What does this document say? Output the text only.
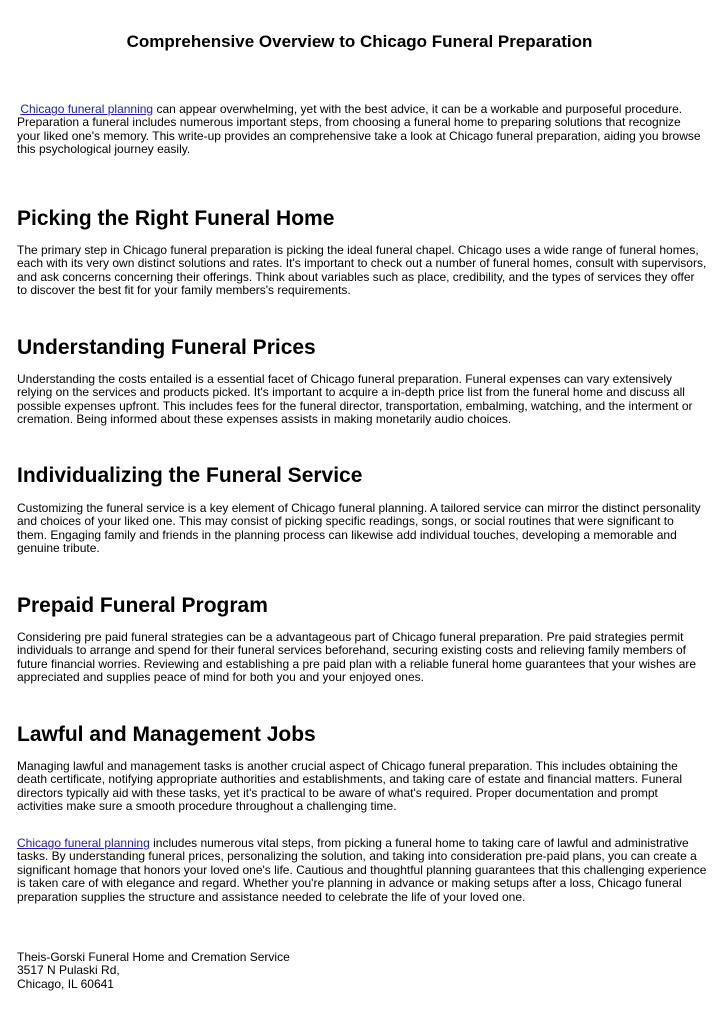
Comprehensive Overview to Chicago Funeral Preparation

Chicago funeral planning can appear overwhelming, yet with the best advice, it can be a workable and purposeful procedure. Preparation a funeral includes numerous important steps, from choosing a funeral home to preparing solutions that recognize your liked one's memory. This write-up provides an comprehensive take a look at Chicago funeral preparation, aiding you browse this psychological journey easily.

Picking the Right Funeral Home

The primary step in Chicago funeral preparation is picking the ideal funeral chapel. Chicago uses a wide range of funeral homes, each with its very own distinct solutions and rates. It's important to check out a number of funeral homes, consult with supervisors, and ask concerns concerning their offerings. Think about variables such as place, credibility, and the types of services they offer to discover the best fit for your family members's requirements.

Understanding Funeral Prices

Understanding the costs entailed is a essential facet of Chicago funeral preparation. Funeral expenses can vary extensively relying on the services and products picked. It's important to acquire a in-depth price list from the funeral home and discuss all possible expenses upfront. This includes fees for the funeral director, transportation, embalming, watching, and the interment or cremation. Being informed about these expenses assists in making monetarily audio choices.

Individualizing the Funeral Service

Customizing the funeral service is a key element of Chicago funeral planning. A tailored service can mirror the distinct personality and choices of your liked one. This may consist of picking specific readings, songs, or social routines that were significant to them. Engaging family and friends in the planning process can likewise add individual touches, developing a memorable and genuine tribute.

Prepaid Funeral Program

Considering pre paid funeral strategies can be a advantageous part of Chicago funeral preparation. Pre paid strategies permit individuals to arrange and spend for their funeral services beforehand, securing existing costs and relieving family members of future financial worries. Reviewing and establishing a pre paid plan with a reliable funeral home guarantees that your wishes are appreciated and supplies peace of mind for both you and your enjoyed ones.

Lawful and Management Jobs

Managing lawful and management tasks is another crucial aspect of Chicago funeral preparation. This includes obtaining the death certificate, notifying appropriate authorities and establishments, and taking care of estate and financial matters. Funeral directors typically aid with these tasks, yet it's practical to be aware of what's required. Proper documentation and prompt activities make sure a smooth procedure throughout a challenging time.

Chicago funeral planning includes numerous vital steps, from picking a funeral home to taking care of lawful and administrative tasks. By understanding funeral prices, personalizing the solution, and taking into consideration pre-paid plans, you can create a significant homage that honors your loved one's life. Cautious and thoughtful planning guarantees that this challenging experience is taken care of with elegance and regard. Whether you're planning in advance or making setups after a loss, Chicago funeral preparation supplies the structure and assistance needed to celebrate the life of your loved one.

Theis-Gorski Funeral Home and Cremation Service
3517 N Pulaski Rd,
Chicago, IL 60641
